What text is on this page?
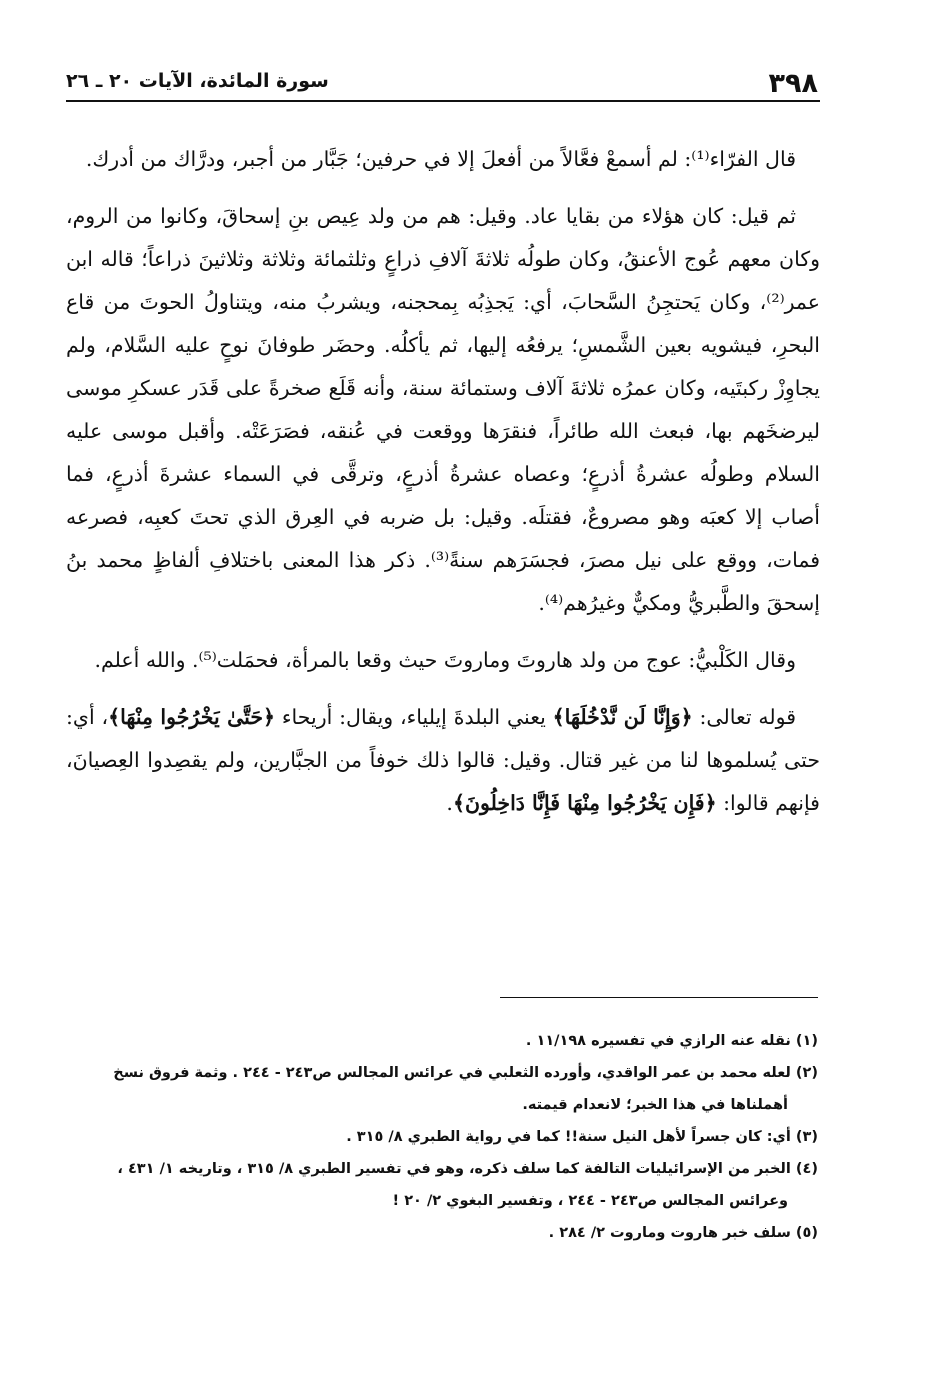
٣٩٨
سورة المائدة، الآيات ٢٠ ـ ٢٦

قال الفرّاء⁽¹⁾: لم أسمعْ فعَّالاً من أفعلَ إلا في حرفين؛ جَبَّار من أجبر، ودرَّاك من أدرك.

ثم قيل: كان هؤلاء من بقايا عاد. وقيل: هم من ولد عِيص بنِ إسحاقَ، وكانوا من الروم، وكان معهم عُوج الأعنقُ، وكان طولُه ثلاثةَ آلافِ ذراعٍ وثلثمائة وثلاثة وثلاثينَ ذراعاً؛ قاله ابن عمر⁽²⁾، وكان يَحتجِنُ السَّحابَ، أي: يَجذِبُه بِمحجنه، ويشربُ منه، ويتناولُ الحوتَ من قاع البحرِ، فيشويه بعين الشَّمسِ؛ يرفعُه إليها، ثم يأكلُه. وحضَر طوفانَ نوحٍ عليه السَّلام، ولم يجاوِزْ ركبتَيه، وكان عمرُه ثلاثةَ آلاف وستمائة سنة، وأنه قَلَع صخرةً على قَدَر عسكرِ موسى ليرضخَهم بها، فبعث الله طائراً، فنقرَها ووقعت في عُنقه، فصَرَعَتْه. وأقبل موسى عليه السلام وطولُه عشرةُ أذرعٍ؛ وعصاه عشرةُ أذرعٍ، وترقَّى في السماء عشرةَ أذرعٍ، فما أصاب إلا كعبَه وهو مصروعٌ، فقتلَه. وقيل: بل ضربه في العِرق الذي تحتَ كعبِه، فصرعه فمات، ووقع على نيل مصرَ، فجسَرَهم سنةً⁽³⁾. ذكر هذا المعنى باختلافِ ألفاظٍ محمد بنُ إسحقَ والطَّبريُّ ومكيٌّ وغيرُهم⁽⁴⁾.

وقال الكَلْبيُّ: عوج من ولد هاروتَ وماروتَ حيث وقعا بالمرأة، فحمَلت⁽⁵⁾. والله أعلم.

قوله تعالى: ﴿وَإِنَّا لَن نَّدْخُلَهَا﴾ يعني البلدةَ إيلياء، ويقال: أريحاء ﴿حَتَّىٰ يَخْرُجُوا مِنْهَا﴾، أي: حتى يُسلموها لنا من غير قتال. وقيل: قالوا ذلك خوفاً من الجبَّارين، ولم يقصِدوا العِصيانَ، فإنهم قالوا: ﴿فَإِن يَخْرُجُوا مِنْهَا فَإِنَّا دَاخِلُونَ﴾.

(١) نقله عنه الرازي في تفسيره ١١/١٩٨ .
(٢) لعله محمد بن عمر الواقدي، وأورده الثعلبي في عرائس المجالس ص٢٤٣ - ٢٤٤ . وثمة فروق نسخ
أهملناها في هذا الخبر؛ لانعدام قيمته.
(٣) أي: كان جسراً لأهل النيل سنة!! كما في رواية الطبري ٨/ ٣١٥ .
(٤) الخبر من الإسرائيليات التالفة كما سلف ذكره، وهو في تفسير الطبري ٨/ ٣١٥ ، وتاريخه ١/ ٤٣١ ،
وعرائس المجالس ص٢٤٣ - ٢٤٤ ، وتفسير البغوي ٢/ ٢٠ !
(٥) سلف خبر هاروت وماروت ٢/ ٢٨٤ .
